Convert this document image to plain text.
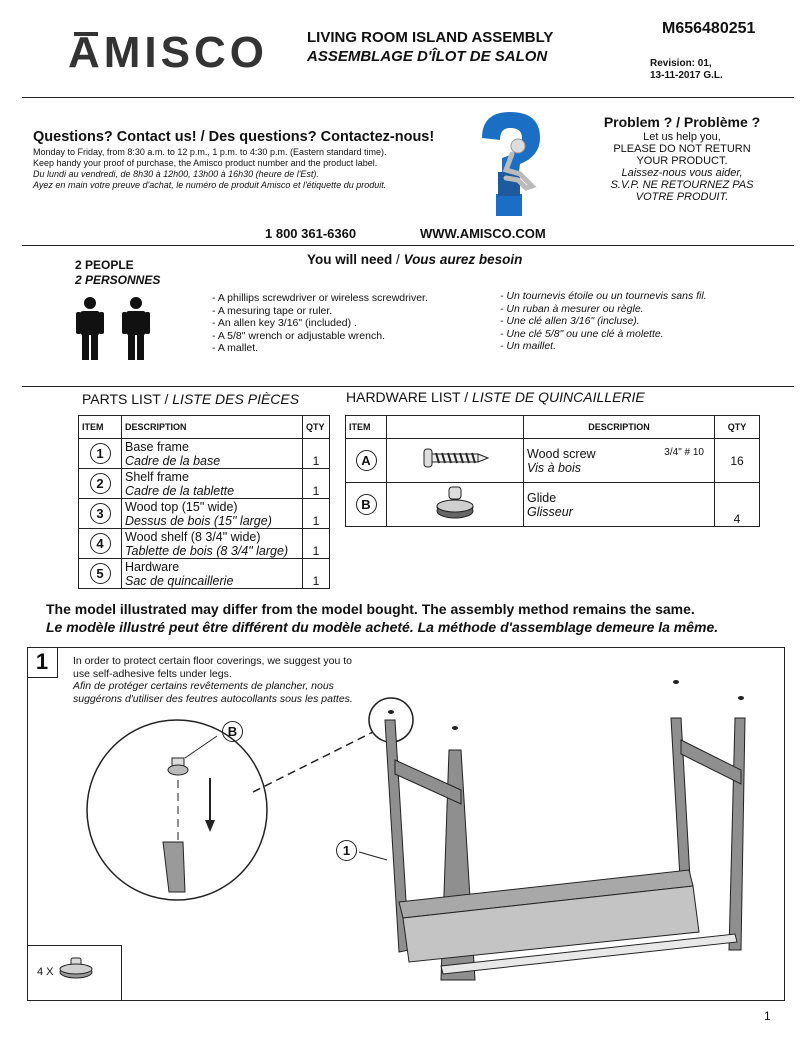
AMISCO	LIVING ROOM ISLAND ASSEMBLY
ASSEMBLAGE D'ÎLOT DE SALON
M656480251
Revision: 01,
13-11-2017 G.L.
Questions? Contact us! / Des questions? Contactez-nous!
Monday to Friday, from 8:30 a.m. to 12 p.m., 1 p.m. to 4:30 p.m. (Eastern standard time).
Keep handy your proof of purchase, the Amisco product number and the product label.
Du lundi au vendredi, de 8h30 à 12h00, 13h00 à 16h30 (heure de l'Est).
Ayez en main votre preuve d'achat, le numéro de produit Amisco et l'étiquette du produit.
Problem ? / Problème ?
Let us help you,
PLEASE DO NOT RETURN
YOUR PRODUCT.
Laissez-nous vous aider,
S.V.P. NE RETOURNEZ PAS
VOTRE PRODUIT.
1 800 361-6360	WWW.AMISCO.COM
2 PEOPLE
2 PERSONNES
You will need / Vous aurez besoin
- A phillips screwdriver or wireless screwdriver.
- A mesuring tape or ruler.
- An allen key 3/16" (included) .
- A 5/8" wrench or adjustable wrench.
- A mallet.
- Un tournevis étoile ou un tournevis sans fil.
- Un ruban à mesurer ou règle.
- Une clé allen 3/16" (incluse).
- Une clé 5/8" ou une clé à molette.
- Un maillet.
PARTS LIST / LISTE DES PIÈCES
ITEM	DESCRIPTION	QTY
1	Base frame
Cadre de la base	1
2	Shelf frame
Cadre de la tablette	1
3	Wood top (15" wide)
Dessus de bois (15" large)	1
4	Wood shelf (8 3/4" wide)
Tablette de bois (8 3/4" large)	1
5	Hardware
Sac de quincaillerie	1
HARDWARE LIST / LISTE DE QUINCAILLERIE
ITEM		DESCRIPTION	QTY
A		Wood screw
Vis à bois
3/4" # 10	16
B		Glide
Glisseur	4
The model illustrated may differ from the model bought. The assembly method remains the same.
Le modèle illustré peut être différent du modèle acheté. La méthode d'assemblage demeure la même.
1	In order to protect certain floor coverings, we suggest you to
use self-adhesive felts under legs.
Afin de protéger certains revêtements de plancher, nous
suggérons d'utiliser des feutres autocollants sous les pattes.
B
1
4 X
1
